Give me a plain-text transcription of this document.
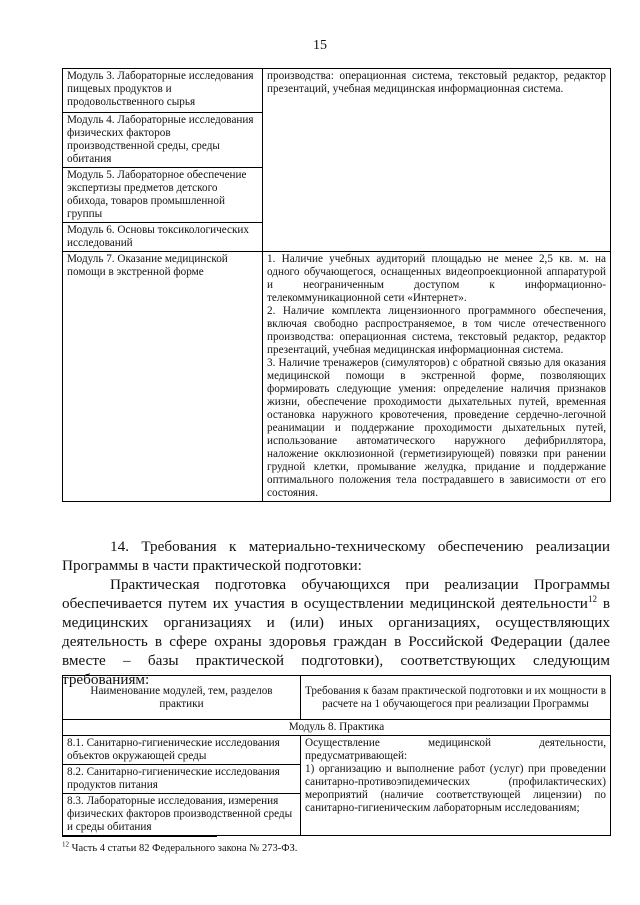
15
Модуль 3. Лабораторные исследования пищевых продуктов и продовольственного сырья	производства: операционная система, текстовый редактор, редактор презентаций, учебная медицинская информационная система.
Модуль 4. Лабораторные исследования физических факторов производственной среды, среды обитания	
Модуль 5. Лабораторное обеспечение экспертизы предметов детского обихода, товаров промышленной группы	
Модуль 6. Основы токсикологических исследований	
Модуль 7. Оказание медицинской помощи в экстренной форме	1. Наличие учебных аудиторий площадью не менее 2,5 кв. м. на одного обучающегося, оснащенных видеопроекционной аппаратурой и неограниченным доступом к информационно-телекоммуникационной сети «Интернет».
2. Наличие комплекта лицензионного программного обеспечения, включая свободно распространяемое, в том числе отечественного производства: операционная система, текстовый редактор, редактор презентаций, учебная медицинская информационная система.
3. Наличие тренажеров (симуляторов) с обратной связью для оказания медицинской помощи в экстренной форме, позволяющих формировать следующие умения: определение наличия признаков жизни, обеспечение проходимости дыхательных путей, временная остановка наружного кровотечения, проведение сердечно-легочной реанимации и поддержание проходимости дыхательных путей, использование автоматического наружного дефибриллятора, наложение окклюзионной (герметизирующей) повязки при ранении грудной клетки, промывание желудка, придание и поддержание оптимального положения тела пострадавшего в зависимости от его состояния.
14. Требования к материально-техническому обеспечению реализации Программы в части практической подготовки:
Практическая подготовка обучающихся при реализации Программы обеспечивается путем их участия в осуществлении медицинской деятельности$^{12}$ в медицинских организациях и (или) иных организациях, осуществляющих деятельность в сфере охраны здоровья граждан в Российской Федерации (далее вместе – базы практической подготовки), соответствующих следующим требованиям:
Наименование модулей, тем, разделов практики	Требования к базам практической подготовки и их мощности в расчете на 1 обучающегося при реализации Программы
Модуль 8. Практика	
8.1. Санитарно-гигиенические исследования объектов окружающей среды	Осуществление медицинской деятельности, предусматривающей:
1) организацию и выполнение работ (услуг) при проведении санитарно-противоэпидемических (профилактических) мероприятий (наличие соответствующей лицензии) по санитарно-гигиеническим лабораторным исследованиям;

8.2. Санитарно-гигиенические исследования продуктов питания	
8.3. Лабораторные исследования, измерения физических факторов производственной среды и среды обитания	
$^{12}$ Часть 4 статьи 82 Федерального закона № 273-ФЗ.
